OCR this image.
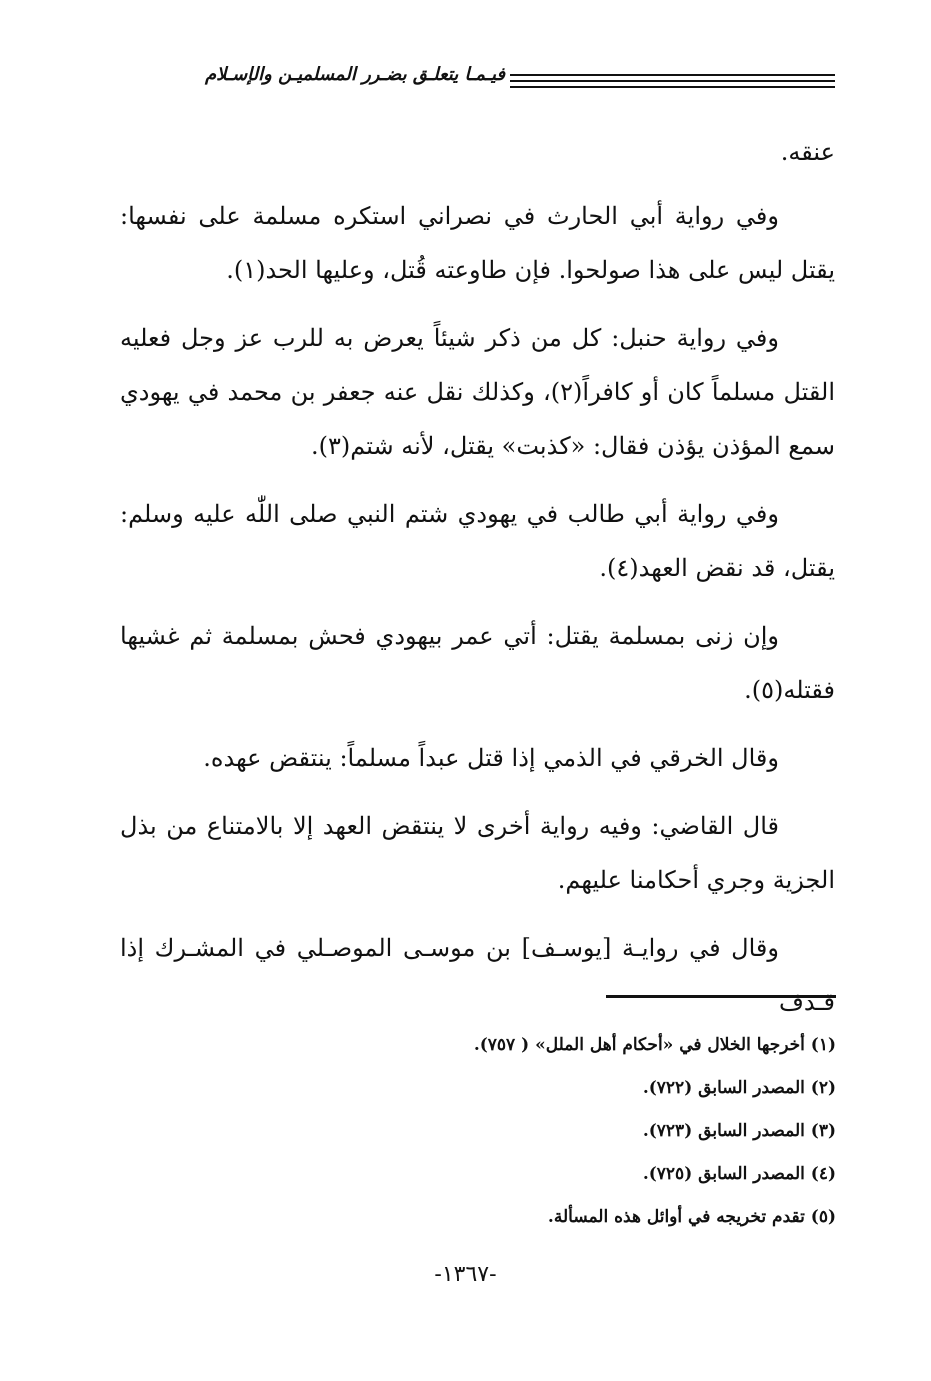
فيـمـا يتعلـق بضـرر المسلميـن والإسـلام

عنقه.

وفي رواية أبي الحارث في نصراني استكره مسلمة على نفسها: يقتل ليس على هذا صولحوا. فإن طاوعته قُتل، وعليها الحد(١).

وفي رواية حنبل: كل من ذكر شيئاً يعرض به للرب عز وجل فعليه القتل مسلماً كان أو كافراً(٢)، وكذلك نقل عنه جعفر بن محمد في يهودي سمع المؤذن يؤذن فقال: «كذبت» يقتل، لأنه شتم(٣).

وفي رواية أبي طالب في يهودي شتم النبي صلى اللّٰه عليه وسلم: يقتل، قد نقض العهد(٤).

وإن زنى بمسلمة يقتل: أتي عمر بيهودي فحش بمسلمة ثم غشيها فقتله(٥).

وقال الخرقي في الذمي إذا قتل عبداً مسلماً: ينتقض عهده.

قال القاضي: وفيه رواية أخرى لا ينتقض العهد إلا بالامتناع من بذل الجزية وجري أحكامنا عليهم.

وقال في روايـة [يوسـف] بن موسـى الموصـلي في المشـرك إذا قـذف

(١) أخرجها الخلال في «أحكام أهل الملل» ( ٧٥٧).
(٢) المصدر السابق (٧٢٢).
(٣) المصدر السابق (٧٢٣).
(٤) المصدر السابق (٧٢٥).
(٥) تقدم تخريجه في أوائل هذه المسألة.
-١٣٦٧-
